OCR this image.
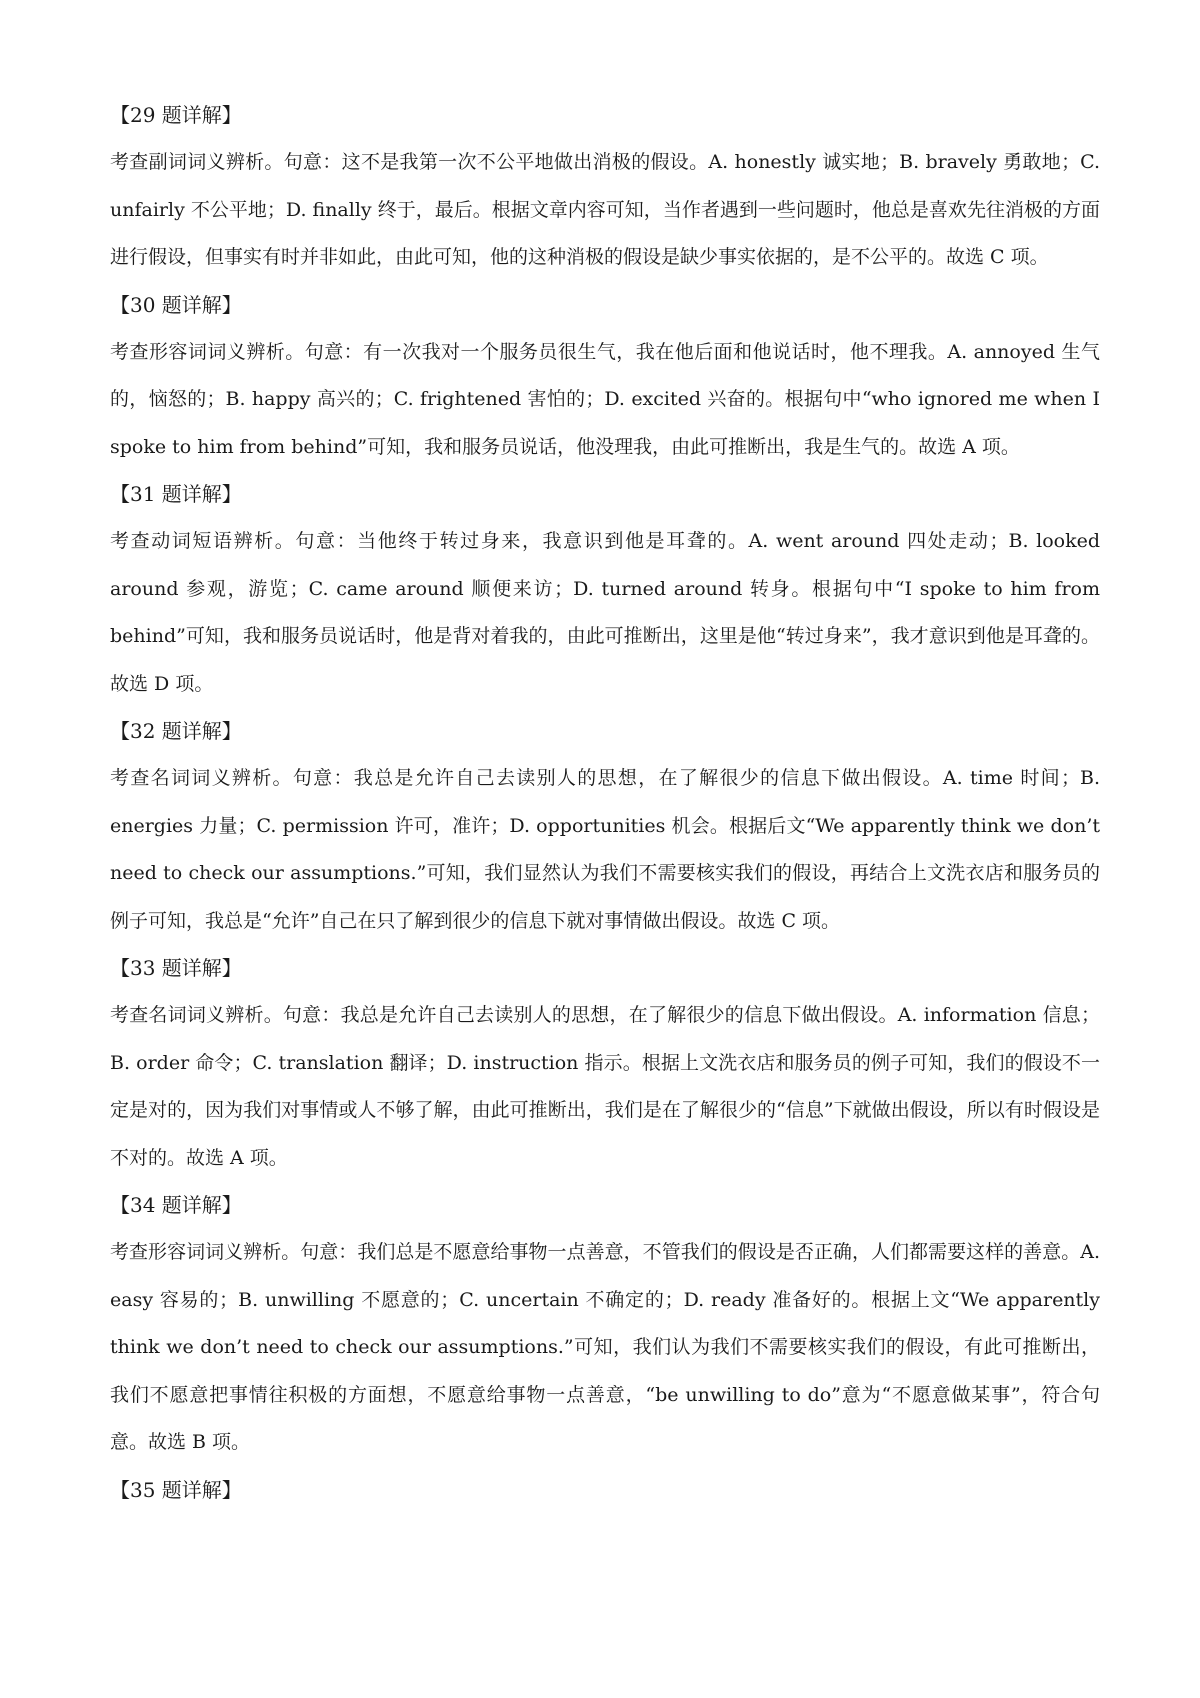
【29 题详解】

考查副词词义辨析。句意：这不是我第一次不公平地做出消极的假设。A. honestly 诚实地；B. bravely 勇敢地；C. unfairly 不公平地；D. finally 终于，最后。根据文章内容可知，当作者遇到一些问题时，他总是喜欢先往消极的方面进行假设，但事实有时并非如此，由此可知，他的这种消极的假设是缺少事实依据的，是不公平的。故选 C 项。

【30 题详解】

考查形容词词义辨析。句意：有一次我对一个服务员很生气，我在他后面和他说话时，他不理我。A. annoyed 生气的，恼怒的；B. happy 高兴的；C. frightened 害怕的；D. excited 兴奋的。根据句中“who ignored me when I spoke to him from behind”可知，我和服务员说话，他没理我，由此可推断出，我是生气的。故选 A 项。

【31 题详解】

考查动词短语辨析。句意：当他终于转过身来，我意识到他是耳聋的。A. went around 四处走动；B. looked around 参观，游览；C. came around 顺便来访；D. turned around 转身。根据句中“I spoke to him from behind”可知，我和服务员说话时，他是背对着我的，由此可推断出，这里是他“转过身来”，我才意识到他是耳聋的。故选 D 项。

【32 题详解】

考查名词词义辨析。句意：我总是允许自己去读别人的思想，在了解很少的信息下做出假设。A. time 时间；B. energies 力量；C. permission 许可，准许；D. opportunities 机会。根据后文“We apparently think we don’t need to check our assumptions.”可知，我们显然认为我们不需要核实我们的假设，再结合上文洗衣店和服务员的例子可知，我总是“允许”自己在只了解到很少的信息下就对事情做出假设。故选 C 项。

【33 题详解】

考查名词词义辨析。句意：我总是允许自己去读别人的思想，在了解很少的信息下做出假设。A. information 信息；B. order 命令；C. translation 翻译；D. instruction 指示。根据上文洗衣店和服务员的例子可知，我们的假设不一定是对的，因为我们对事情或人不够了解，由此可推断出，我们是在了解很少的“信息”下就做出假设，所以有时假设是不对的。故选 A 项。

【34 题详解】

考查形容词词义辨析。句意：我们总是不愿意给事物一点善意，不管我们的假设是否正确，人们都需要这样的善意。A. easy 容易的；B. unwilling 不愿意的；C. uncertain 不确定的；D. ready 准备好的。根据上文“We apparently think we don’t need to check our assumptions.”可知，我们认为我们不需要核实我们的假设，有此可推断出，我们不愿意把事情往积极的方面想，不愿意给事物一点善意，“be unwilling to do”意为“不愿意做某事”，符合句意。故选 B 项。

【35 题详解】
